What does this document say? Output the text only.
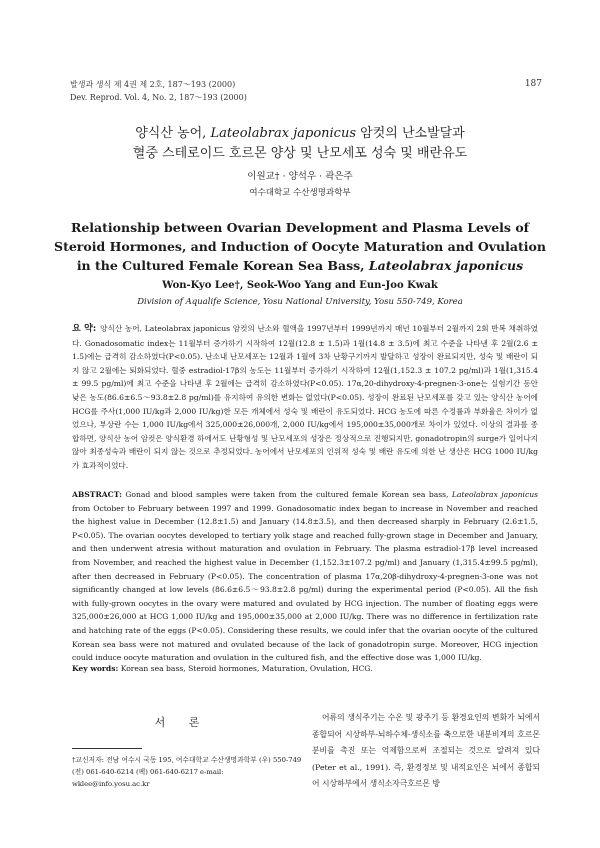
발생과 생식 제 4권 제 2호, 187～193 (2000)
Dev. Reprod. Vol. 4, No. 2, 187～193 (2000)
187
양식산 농어, Lateolabrax japonicus 암컷의 난소발달과
혈중 스테로이드 호르몬 양상 및 난모세포 성숙 및 배란유도
이원교† · 양석우 · 곽은주
여수대학교 수산생명과학부
Relationship between Ovarian Development and Plasma Levels of
Steroid Hormones, and Induction of Oocyte Maturation and Ovulation
in the Cultured Female Korean Sea Bass, Lateolabrax japonicus
Won-Kyo Lee†, Seok-Woo Yang and Eun-Joo Kwak
Division of Aqualife Science, Yosu National University, Yosu 550-749, Korea
요 약: 양식산 농어, Lateolabrax japonicus 암컷의 난소와 혈액을 1997년부터 1999년까지 매년 10월부터 2월까지 2회 반복 채취하였다. Gonadosomatic index는 11월부터 증가하기 시작하여 12월(12.8 ± 1.5)과 1월(14.8 ± 3.5)에 최고 수준을 나타낸 후 2월(2.6 ± 1.5)에는 급격히 감소하였다(P<0.05). 난소내 난모세포는 12월과 1월에 3차 난황구기까지 발달하고 성장이 완료되지만, 성숙 및 배란이 되지 않고 2월에는 퇴화되었다. 혈중 estradiol-17β의 농도는 11월부터 증가하기 시작하여 12월(1,152.3 ± 107.2 pg/ml)과 1월(1,315.4 ± 99.5 pg/ml)에 최고 수준을 나타낸 후 2월에는 급격히 감소하였다(P<0.05). 17α,20-dihydroxy-4-pregnen-3-one는 실험기간 동안 낮은 농도(86.6±6.5～93.8±2.8 pg/ml)를 유지하여 유의한 변화는 없었다(P<0.05). 성장이 완료된 난모세포를 갖고 있는 양식산 농어에 HCG를 주사(1,000 IU/kg과 2,000 IU/kg)한 모든 개체에서 성숙 및 배란이 유도되었다. HCG 농도에 따른 수정률과 부화율은 차이가 없었으나, 부상란 수는 1,000 IU/kg에서 325,000±26,000개, 2,000 IU/kg에서 195,000±35,000개로 차이가 있었다. 이상의 결과를 종합하면, 양식산 농어 암컷은 양식환경 하에서도 난황형성 및 난모세포의 성장은 정상적으로 진행되지만, gonadotropin의 surge가 일어나지 않아 최종성숙과 배란이 되지 않는 것으로 추정되었다. 농어에서 난모세포의 인위적 성숙 및 배란 유도에 의한 난 생산은 HCG 1000 IU/kg가 효과적이었다.
ABSTRACT: Gonad and blood samples were taken from the cultured female Korean sea bass, Lateolabrax japonicus from October to February between 1997 and 1999. Gonadosomatic index began to increase in November and reached the highest value in December (12.8±1.5) and January (14.8±3.5), and then decreased sharply in February (2.6±1.5, P<0.05). The ovarian oocytes developed to tertiary yolk stage and reached fully-grown stage in December and January, and then underwent atresia without maturation and ovulation in February. The plasma estradiol-17β level increased from November, and reached the highest value in December (1,152.3±107.2 pg/ml) and January (1,315.4±99.5 pg/ml), after then decreased in February (P<0.05). The concentration of plasma 17α,20β-dihydroxy-4-pregnen-3-one was not significantly changed at low levels (86.6±6.5～93.8±2.8 pg/ml) during the experimental period (P<0.05). All the fish with fully-grown oocytes in the ovary were matured and ovulated by HCG injection. The number of floating eggs were 325,000±26,000 at HCG 1,000 IU/kg and 195,000±35,000 at 2,000 IU/kg. There was no difference in fertilization rate and hatching rate of the eggs (P<0.05). Considering these results, we could infer that the ovarian oocyte of the cultured Korean sea bass were not matured and ovulated because of the lack of gonadotropin surge. Moreover, HCG injection could induce oocyte maturation and ovulation in the cultured fish, and the effective dose was 1,000 IU/kg.
Key words: Korean sea bass, Steroid hormones, Maturation, Ovulation, HCG.
서 론
†교신저자: 전남 여수시 국동 195, 여수대학교 수산생명과학부 (우) 550-749 (전) 061-640-6214 (팩) 061-640-6217 e-mail: wklee@info.yosu.ac.kr
어류의 생식주기는 수온 및 광주기 등 환경요인의 변화가 뇌에서 종합되어 시상하부-뇌하수체-생식소를 축으로한 내분비계의 호르몬 분비를 촉진 또는 억제함으로써 조절되는 것으로 알려져 있다(Peter et al., 1991). 즉, 환경정보 및 내적요인은 뇌에서 종합되어 시상하부에서 생식소자극호르몬 방
